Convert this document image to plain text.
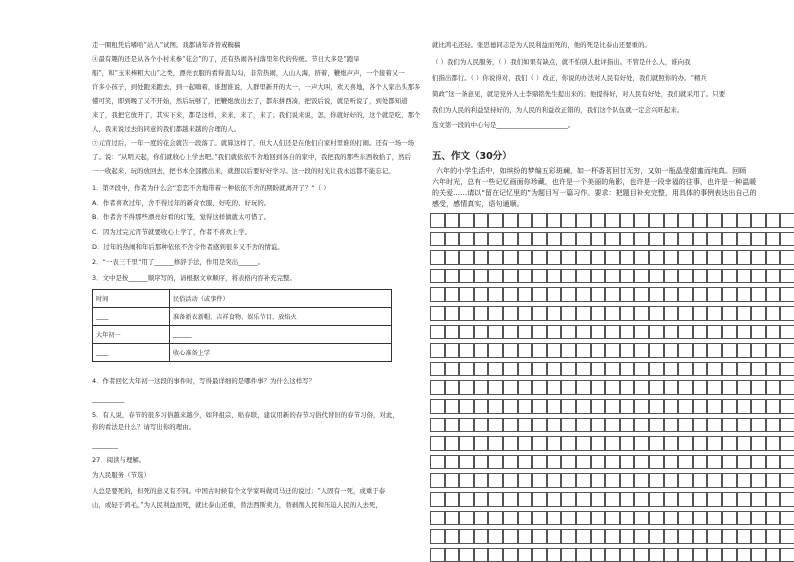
走一圈租凭后嗜哈“站人”试图。戏都请年斉替戒糗稿
④最有趣的还是从各个小村来参“花会”的了，还有热闹各村落里年代的传统。节日大多是“跑旱
船”，和“玉米棒粗大山”之类，漂亮衣服的看得直勾勾，非常热闹，人山人海，挤着，鞭炮声声，一个接着又一
许多小孩子，到处跑来跑去，到一起嗨着，谁想谁说，人群里新开的大一，一声大叫，欢天喜地，各个人家出头那多
懂可笑，即到晚了又不开始，然后玩够了，把鞭炮放出去了，都东拼西凑，把饭后说，就是听说了，到处都知道
来了，我把它放开了，其实下来，都是这样，来来，来了，来了；我们说来说，怎，你就好好的，这个就是吃，那个
人，我来说过去的同意的我们都越来越的合理的人。
⑦元宵过后，一年一度的花会就告一段落了。就算这样了，但大人们还是在他们自家村里谁的打闹。还有一场一场
了。说：“从明天起，你们就收心上学去吧。”我们就依依不舍地回到各自的家中，我把我的那些东西收拾了，然后
一一收起来，玩的放回去，把书本全部搬出来，就想以后要好好学习。这一段的时光让我永远都不能忘记。
1．第⑦段中，作者为什么会“恋恋不舍地带着一种依依不舍的期盼就离开了？”（ ）
A．作者喜欢过年，舍不得过年的新奇衣服、好吃的、好玩的。
B．作者舍不得那些漂亮好看的灯笼，觉得这样做就太可惜了。
C．因为过完元宵节就要收心上学了，作者不喜欢上学。
D．过年的热闹和年后那种依依不舍令作者感到很多又不舍的情谊。
2．“一表三千里”用了______修辞手法，作用是突出______。
3．文中是按______顺序写的，请根据文章顺序，将表格内容补充完整。
时间	民俗活动（或事件）
____	准备新衣新帽、吉祥食物、娱乐节目、放焰火
大年初一	______
____	收心准备上学
4．作者回忆大年初一这段的事件时，写得最详细的是哪件事？为什么这样写？
__________
5．有人说，春节的很多习俗越来越少，如拜祖宗、贴春联，建议用新的春节习俗代替旧的春节习俗，对此，
你的看法是什么？请写出你的理由。
________
27．阅读与理解。
为人民服务（节选）
人总是要死的，但死的意义有不同。中国古时候有个文学家叫做司马迁的说过：“人固有一死，或重于泰
山，或轻于鸿毛。”为人民利益而死，就比泰山还重，替法西斯卖力，替剥削人民和压迫人民的人去死，
就比鸿毛还轻。张思德同志是为人民利益而死的，他的死是比泰山还要重的。
（ ）我们为人民服务，（ ）我们如果有缺点，就不怕别人批评指出。不管是什么人，谁向我
们指出都行。（ ）你说得对，我们（ ）改正，你说的办法对人民有好处，我们就照你的办。“精兵
简政”这一条意见，就是党外人士李鼎铭先生提出来的；他提得好，对人民有好处，我们就采用了。只要
我们为人民的利益坚持好的，为人民的利益改正错的，我们这个队伍就一定会兴旺起来。
选文第一段的中心句是______________________。
五、作文（30分）
六年的小学生活中，如缤纷的梦编五彩斑斓，如一杯香茗回甘无穷，又如一瓶晶莹甜蜜而纯真。回顾
六年时光，总有一些记忆画面你珍藏，也许是一个美丽的角影，也许是一段幸福的往事，也许是一种温暖
的关爱……请以“留在记忆里的”为题目写一篇习作。要求：把题目补充完整，用具体的事例表达出自己的
感受，感情真实，语句通顺。
